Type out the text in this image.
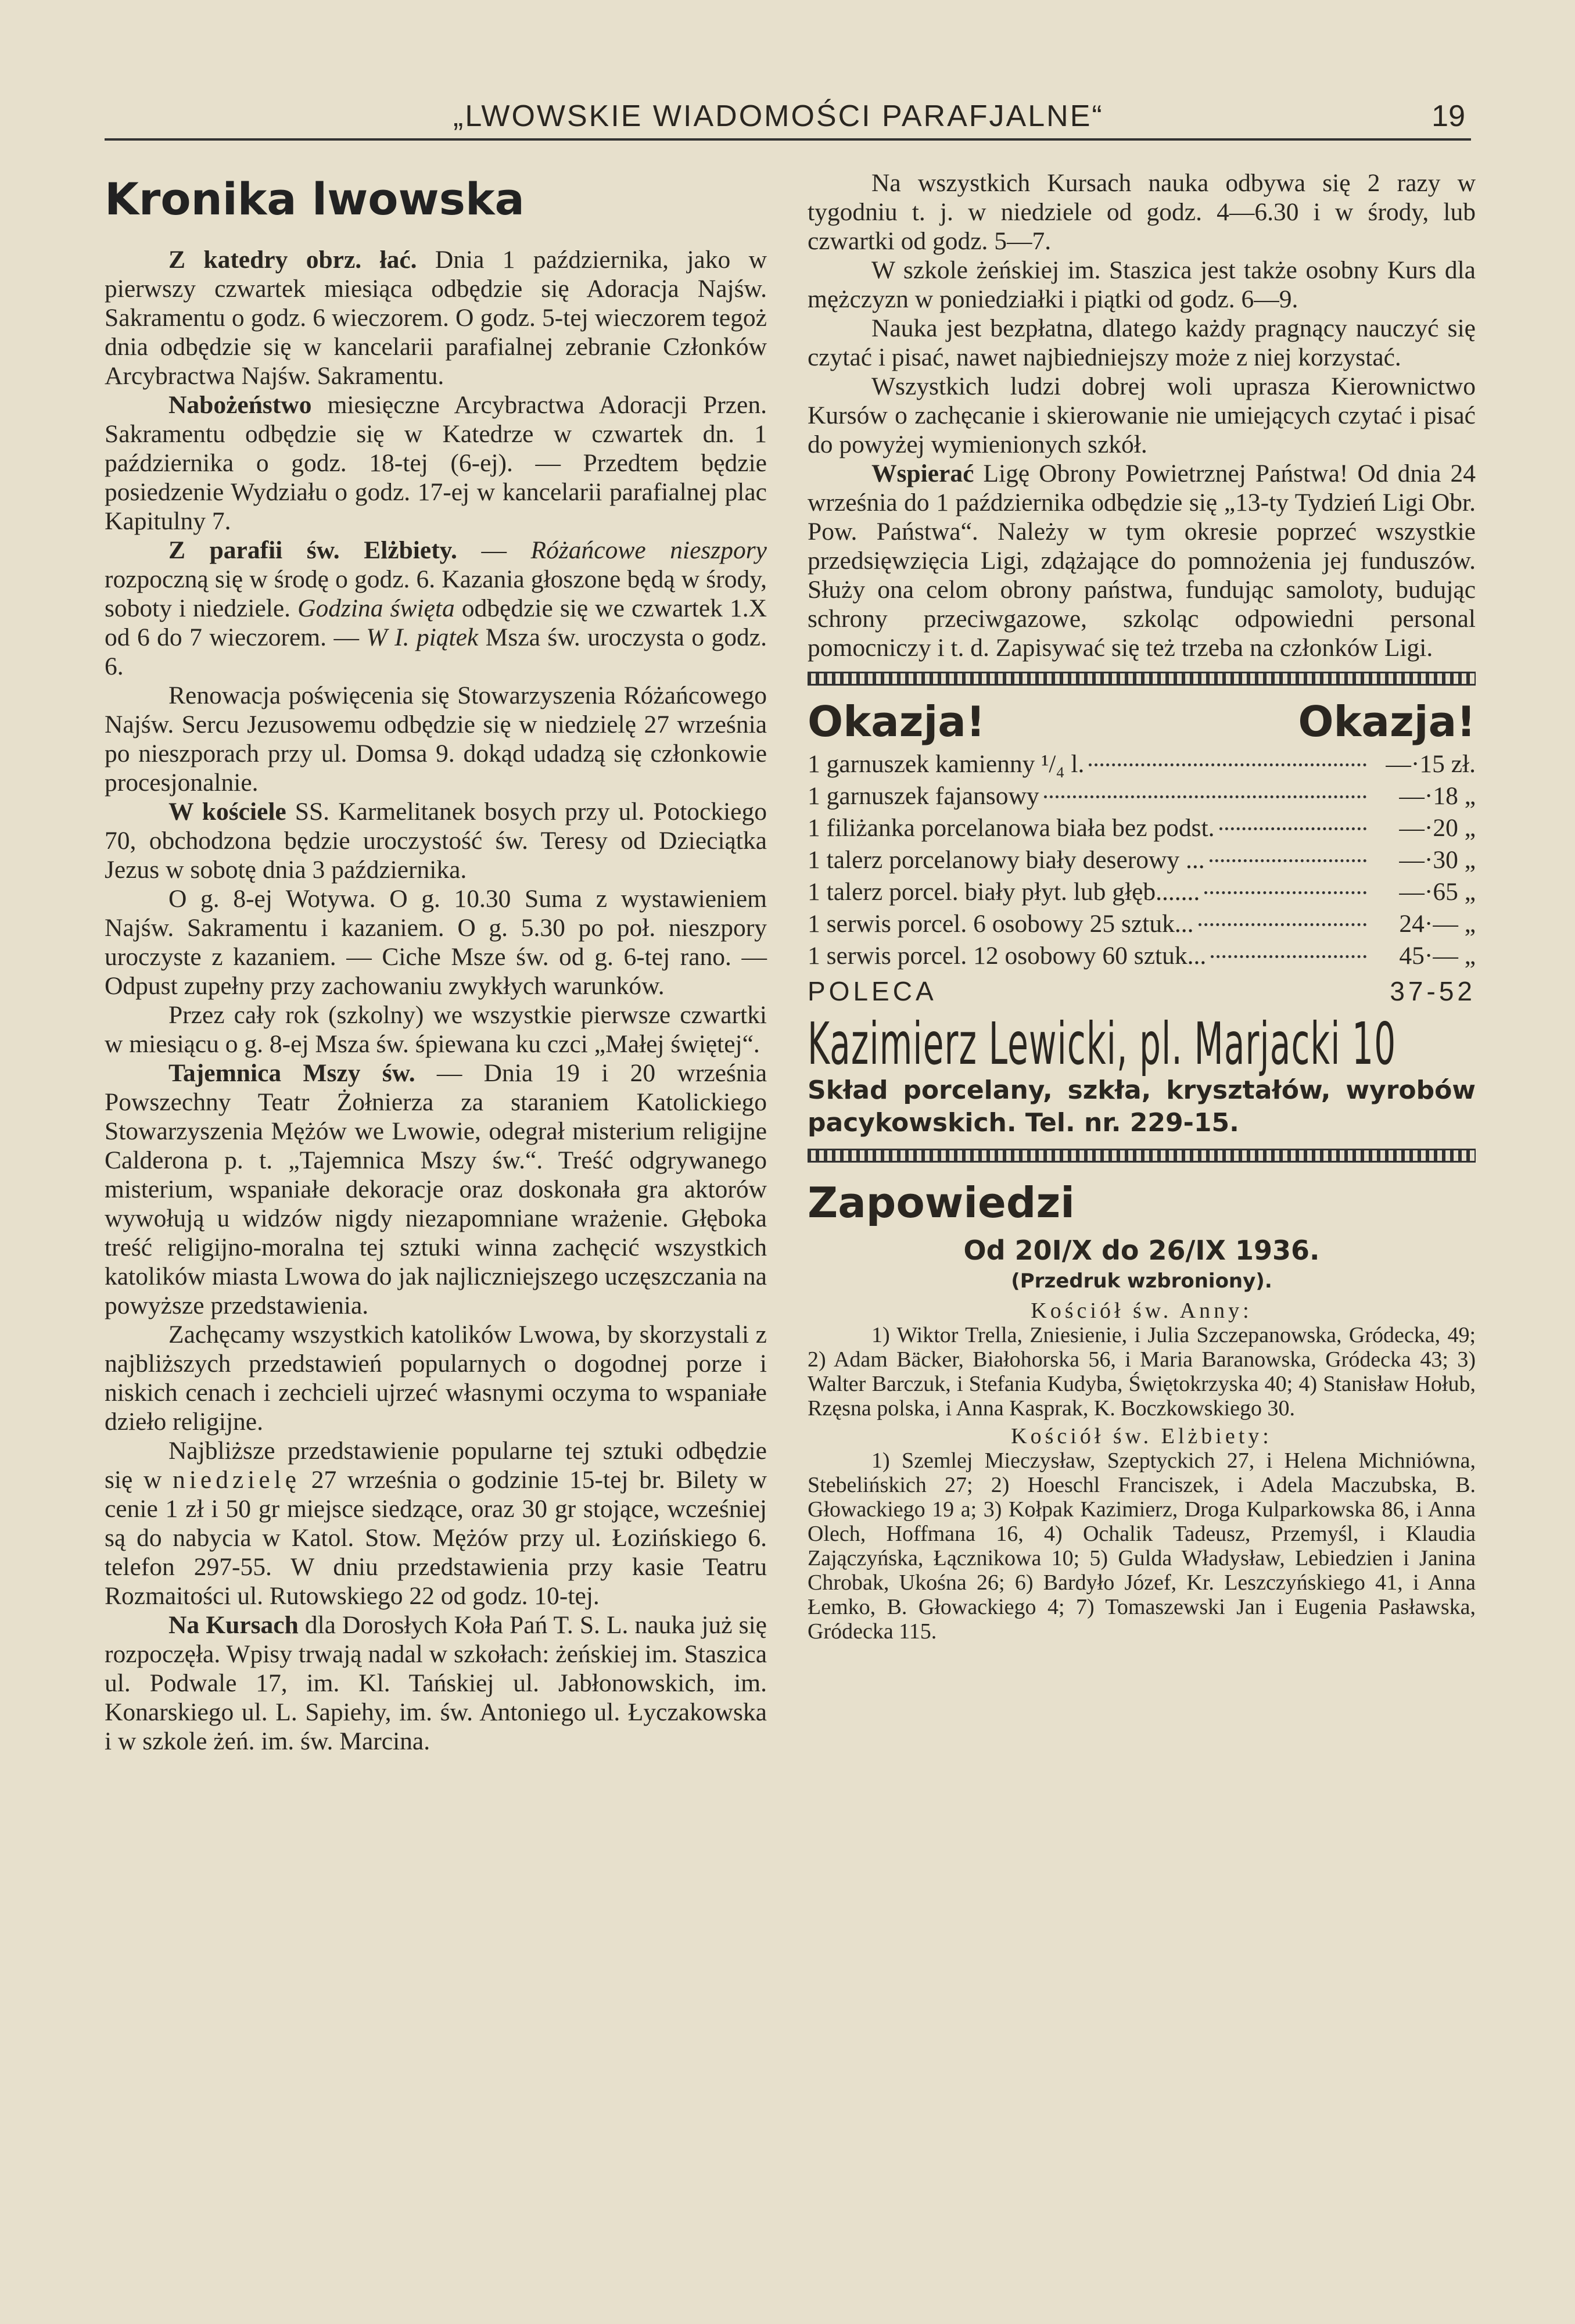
„LWOWSKIE WIADOMOŚCI PARAFJALNE“	19
Kronika lwowska

Z katedry obrz. łać. Dnia 1 października, jako w pierwszy czwartek miesiąca odbędzie się Adoracja Najśw. Sakramentu o godz. 6 wieczorem. O godz. 5-tej wieczorem tegoż dnia odbędzie się w kancelarii parafialnej zebranie Członków Arcybractwa Najśw. Sakramentu.

Nabożeństwo miesięczne Arcybractwa Adoracji Przen. Sakramentu odbędzie się w Katedrze w czwartek dn. 1 października o godz. 18-tej (6-ej). — Przedtem będzie posiedzenie Wydziału o godz. 17-ej w kancelarii parafialnej plac Kapitulny 7.

Z parafii św. Elżbiety. — Różańcowe nieszpory rozpoczną się w środę o godz. 6. Kazania głoszone będą w środy, soboty i niedziele. Godzina święta odbędzie się we czwartek 1.X od 6 do 7 wieczorem. — W I. piątek Msza św. uroczysta o godz. 6.

Renowacja poświęcenia się Stowarzyszenia Różańcowego Najśw. Sercu Jezusowemu odbędzie się w niedzielę 27 września po nieszporach przy ul. Domsa 9. dokąd udadzą się członkowie procesjonalnie.

W kościele SS. Karmelitanek bosych przy ul. Potockiego 70, obchodzona będzie uroczystość św. Teresy od Dzieciątka Jezus w sobotę dnia 3 października.

O g. 8-ej Wotywa. O g. 10.30 Suma z wystawieniem Najśw. Sakramentu i kazaniem. O g. 5.30 po poł. nieszpory uroczyste z kazaniem. — Ciche Msze św. od g. 6-tej rano. — Odpust zupełny przy zachowaniu zwykłych warunków.

Przez cały rok (szkolny) we wszystkie pierwsze czwartki w miesiącu o g. 8-ej Msza św. śpiewana ku czci „Małej świętej“.

Tajemnica Mszy św. — Dnia 19 i 20 września Powszechny Teatr Żołnierza za staraniem Katolickiego Stowarzyszenia Mężów we Lwowie, odegrał misterium religijne Calderona p. t. „Tajemnica Mszy św.“. Treść odgrywanego misterium, wspaniałe dekoracje oraz doskonała gra aktorów wywołują u widzów nigdy niezapomniane wrażenie. Głęboka treść religijno-moralna tej sztuki winna zachęcić wszystkich katolików miasta Lwowa do jak najliczniejszego uczęszczania na powyższe przedstawienia.

Zachęcamy wszystkich katolików Lwowa, by skorzystali z najbliższych przedstawień popularnych o dogodnej porze i niskich cenach i zechcieli ujrzeć własnymi oczyma to wspaniałe dzieło religijne.

Najbliższe przedstawienie popularne tej sztuki odbędzie się w niedzielę 27 września o godzinie 15-tej br. Bilety w cenie 1 zł i 50 gr miejsce siedzące, oraz 30 gr stojące, wcześniej są do nabycia w Katol. Stow. Mężów przy ul. Łozińskiego 6. telefon 297-55. W dniu przedstawienia przy kasie Teatru Rozmaitości ul. Rutowskiego 22 od godz. 10-tej.

Na Kursach dla Dorosłych Koła Pań T. S. L. nauka już się rozpoczęła. Wpisy trwają nadal w szkołach: żeńskiej im. Staszica ul. Podwale 17, im. Kl. Tańskiej ul. Jabłonowskich, im. Konarskiego ul. L. Sapiehy, im. św. Antoniego ul. Łyczakowska i w szkole żeń. im. św. Marcina.

Na wszystkich Kursach nauka odbywa się 2 razy w tygodniu t. j. w niedziele od godz. 4—6.30 i w środy, lub czwartki od godz. 5—7.

W szkole żeńskiej im. Staszica jest także osobny Kurs dla mężczyzn w poniedziałki i piątki od godz. 6—9.

Nauka jest bezpłatna, dlatego każdy pragnący nauczyć się czytać i pisać, nawet najbiedniejszy może z niej korzystać.

Wszystkich ludzi dobrej woli uprasza Kierownictwo Kursów o zachęcanie i skierowanie nie umiejących czytać i pisać do powyżej wymienionych szkół.

Wspierać Ligę Obrony Powietrznej Państwa! Od dnia 24 września do 1 października odbędzie się „13-ty Tydzień Ligi Obr. Pow. Państwa“. Należy w tym okresie poprzeć wszystkie przedsięwzięcia Ligi, zdążające do pomnożenia jej funduszów. Służy ona celom obrony państwa, fundując samoloty, budując schrony przeciwgazowe, szkoląc odpowiedni personal pomocniczy i t. d. Zapisywać się też trzeba na członków Ligi.

Okazja!	Okazja!
1 garnuszek kamienny ¹/₄ l.	—·15 zł.
1 garnuszek fajansowy	—·18 „
1 filiżanka porcelanowa biała bez podst.	—·20 „
1 talerz porcelanowy biały deserowy ...	—·30 „
1 talerz porcel. biały płyt. lub głęb.......	—·65 „
1 serwis porcel. 6 osobowy 25 sztuk...	24·— „
1 serwis porcel. 12 osobowy 60 sztuk...	45·— „
POLECA	37-52
Kazimierz Lewicki, pl. Marjacki 10
Skład porcelany, szkła, kryształów, wyrobów pacykowskich. Tel. nr. 229-15.
Zapowiedzi
Od 20I/X do 26/IX 1936.
(Przedruk wzbroniony).
Kościół św. Anny:

1) Wiktor Trella, Zniesienie, i Julia Szczepanowska, Gródecka, 49; 2) Adam Bäcker, Białohorska 56, i Maria Baranowska, Gródecka 43; 3) Walter Barczuk, i Stefania Kudyba, Świętokrzyska 40; 4) Stanisław Hołub, Rzęsna polska, i Anna Kasprak, K. Boczkowskiego 30.

Kościół św. Elżbiety:

1) Szemlej Mieczysław, Szeptyckich 27, i Helena Michniówna, Stebelińskich 27; 2) Hoeschl Franciszek, i Adela Maczubska, B. Głowackiego 19 a; 3) Kołpak Kazimierz, Droga Kulparkowska 86, i Anna Olech, Hoffmana 16, 4) Ochalik Tadeusz, Przemyśl, i Klaudia Zajączyńska, Łącznikowa 10; 5) Gulda Władysław, Lebiedzien i Janina Chrobak, Ukośna 26; 6) Bardyło Józef, Kr. Leszczyńskiego 41, i Anna Łemko, B. Głowackiego 4; 7) Tomaszewski Jan i Eugenia Pasławska, Gródecka 115.
